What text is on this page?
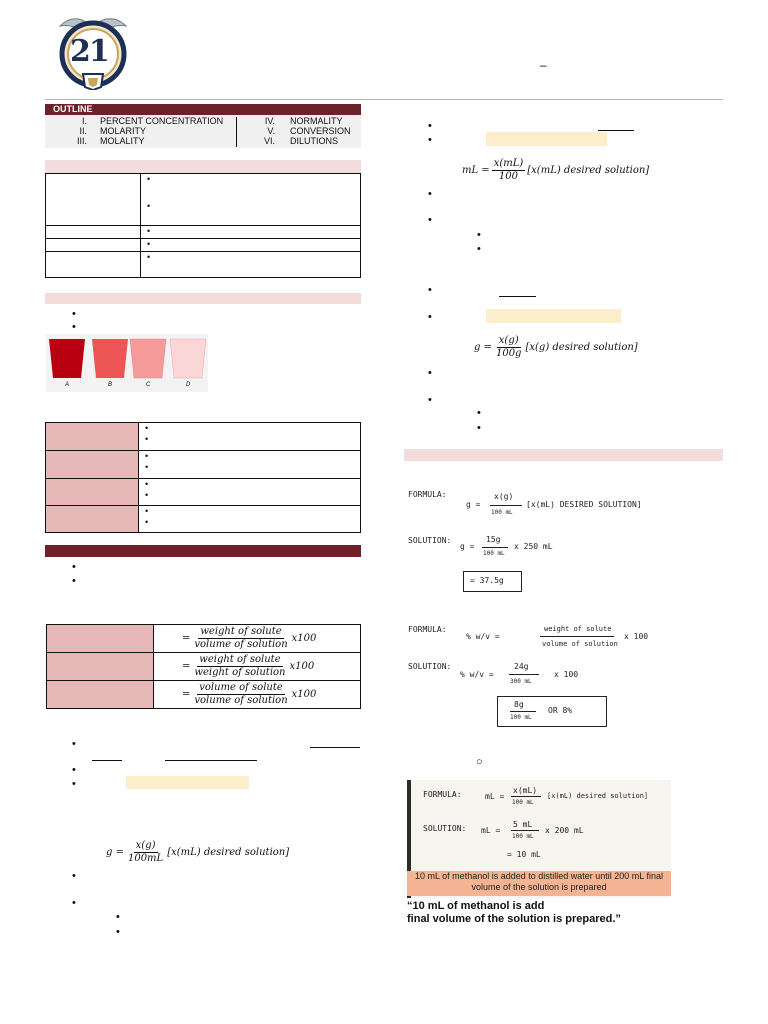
21	–
OUTLINE
I. PERCENT CONCENTRATION
II. MOLARITY
III. MOLALITY
IV. NORMALITY
V. CONVERSION
VI. DILUTIONS

	•
•

	•

	•

	•
•
•
A	B	C	D

	•
•

	•
•

	•
•

	•
•
•
•

	= $\frac{\text{weight of solute}}{\text{volume of solution}} x100$

	= $\frac{\text{weight of solute}}{\text{weight of solution}} x100$

	= $\frac{\text{volume of solute}}{\text{volume of solution}} x100$
•
•
•
$g = \frac{x(g)}{100mL} [x(mL)$ desired solution]
•
•
•
•
•
•
mL = $\frac{x(mL)}{100} [x(mL)$ desired solution]
•
•
•
•
•
•
$g = \frac{x(g)}{100g} [x(g)$ desired solution]
•
•
•
•
FORMULA:
g =
x(g)
100 mL
[x(mL) DESIRED SOLUTION]
SOLUTION:
g =
15g
100 mL
x 250 mL
= 37.5g
FORMULA:
% w/v =
weight of solute
volume of solution
x 100
SOLUTION:
% w/v =
24g
300 mL
x 100
8g
100 mL
OR 8%
○
FORMULA:	mL =
x(mL)
100 mL
[x(mL) desired solution]
SOLUTION: mL =
5 mL
100 mL
x 200 mL
= 10 mL
10 mL of methanol is added to distilled water until 200 mL final volume of the solution is prepared
“10 mL of methanol is add
final volume of the solution is prepared.”
